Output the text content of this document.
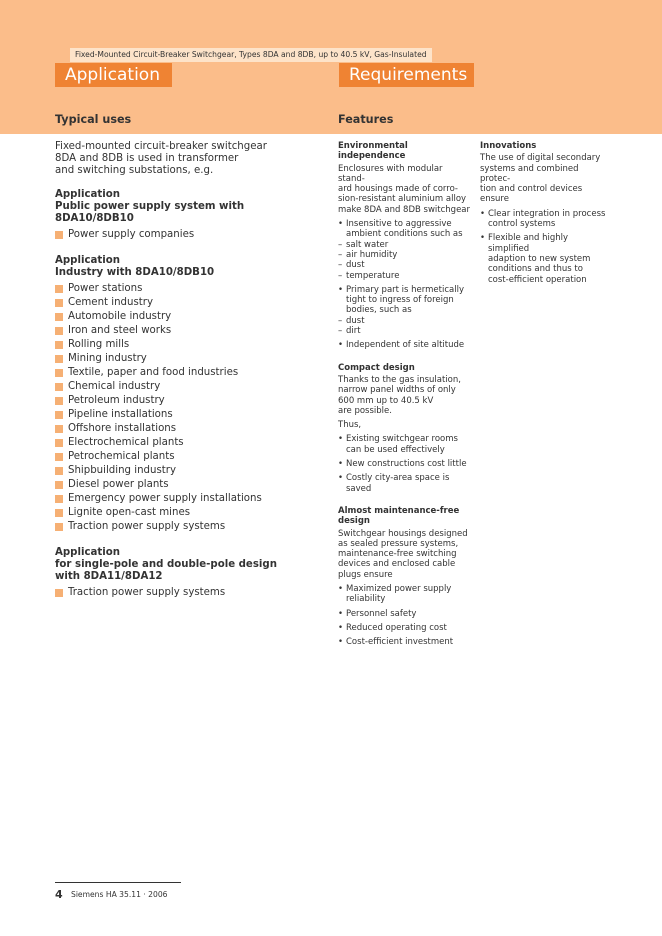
Fixed-Mounted Circuit-Breaker Switchgear, Types 8DA and 8DB, up to 40.5 kV, Gas-Insulated
Application	Requirements
Typical uses	Features

Fixed-mounted circuit-breaker switchgear
8DA and 8DB is used in transformer
and switching substations, e.g.

Application
Public power supply system with 8DA10/8DB10
Power supply companies
Application
Industry with 8DA10/8DB10
Power stations
Cement industry
Automobile industry
Iron and steel works
Rolling mills
Mining industry
Textile, paper and food industries
Chemical industry
Petroleum industry
Pipeline installations
Offshore installations
Electrochemical plants
Petrochemical plants
Shipbuilding industry
Diesel power plants
Emergency power supply installations
Lignite open-cast mines
Traction power supply systems
Application
for single-pole and double-pole design
with 8DA11/8DA12
Traction power supply systems
Environmental independence

Enclosures with modular stand-
ard housings made of corro-
sion-resistant aluminium alloy
make 8DA and 8DB switchgear

• Insensitive to aggressive
ambient conditions such as
– salt water
– air humidity
– dust
– temperature
• Primary part is hermetically
tight to ingress of foreign
bodies, such as
– dust
– dirt
• Independent of site altitude
Compact design

Thanks to the gas insulation,
narrow panel widths of only
600 mm up to 40.5 kV
are possible.

Thus,

• Existing switchgear rooms
can be used effectively
• New constructions cost little
• Costly city-area space is saved
Almost maintenance-free
design

Switchgear housings designed
as sealed pressure systems,
maintenance-free switching
devices and enclosed cable
plugs ensure

• Maximized power supply
reliability
• Personnel safety
• Reduced operating cost
• Cost-efficient investment
Innovations

The use of digital secondary
systems and combined protec-
tion and control devices ensure

• Clear integration in process
control systems
• Flexible and highly simplified
adaption to new system
conditions and thus to
cost-efficient operation
4 Siemens HA 35.11 · 2006
